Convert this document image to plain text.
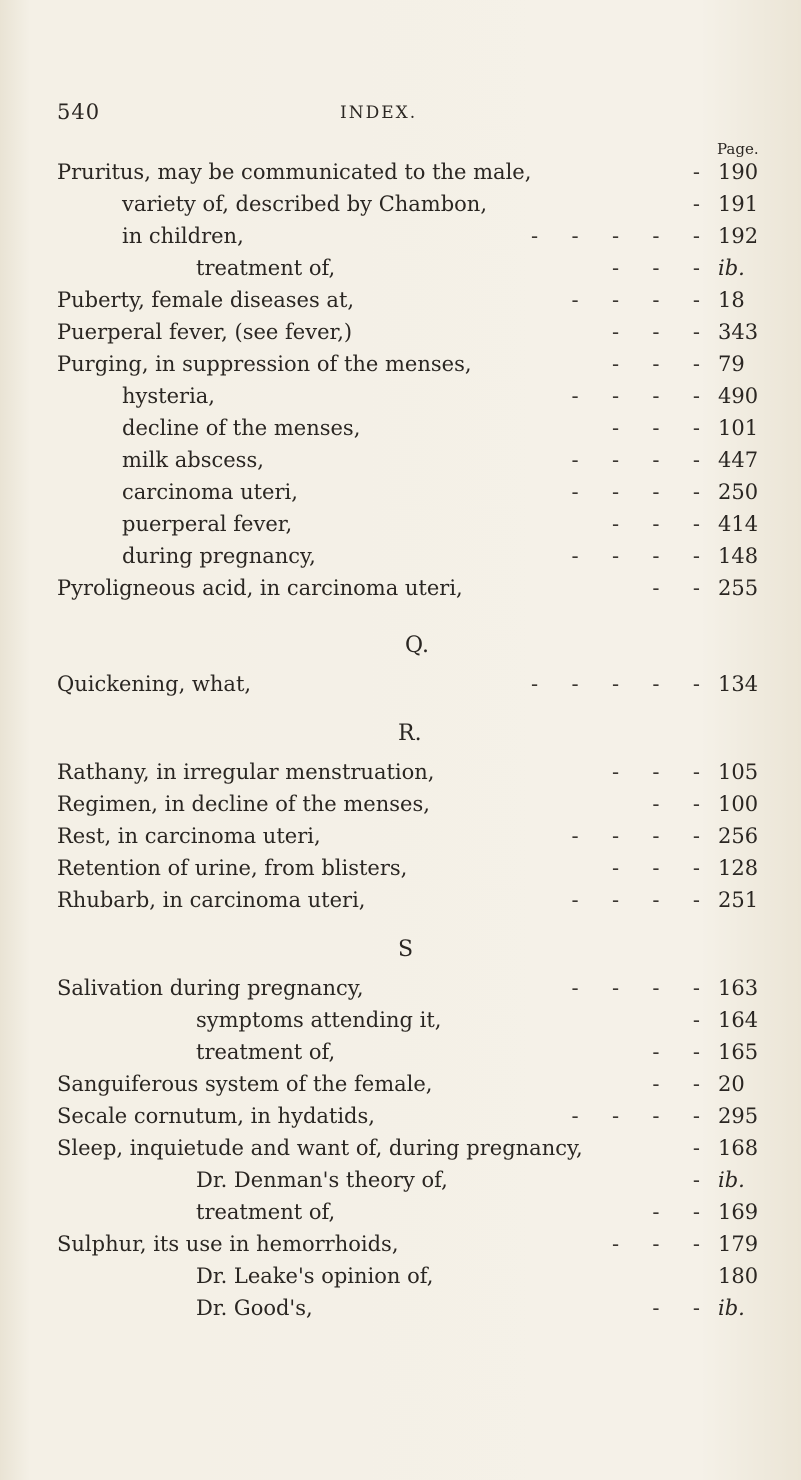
540	INDEX.
Page.
Pruritus, may be communicated to the male,	- 190
variety of, described by Chambon,	- 191
in children,	-     -     -     -     - 192
treatment of,	-     -     - ib.
Puberty, female diseases at,	-     -     -     - 18
Puerperal fever, (see fever,)	-     -     - 343
Purging, in suppression of the menses,	-     -     - 79
hysteria,	-     -     -     - 490
decline of the menses,	-     -     - 101
milk abscess,	-     -     -     - 447
carcinoma uteri,	-     -     -     - 250
puerperal fever,	-     -     - 414
during pregnancy,	-     -     -     - 148
Pyroligneous acid, in carcinoma uteri,	-     - 255
Q.
Quickening, what,	-     -     -     -     - 134
R.
Rathany, in irregular menstruation,	-     -     - 105
Regimen, in decline of the menses,	-     - 100
Rest, in carcinoma uteri,	-     -     -     - 256
Retention of urine, from blisters,	-     -     - 128
Rhubarb, in carcinoma uteri,	-     -     -     - 251
S
Salivation during pregnancy,	-     -     -     - 163
symptoms attending it,	- 164
treatment of,	-     - 165
Sanguiferous system of the female,	-     - 20
Secale cornutum, in hydatids,	-     -     -     - 295
Sleep, inquietude and want of, during pregnancy,	- 168
Dr. Denman's theory of,	- ib.
treatment of,	-     - 169
Sulphur, its use in hemorrhoids,	-     -     - 179
Dr. Leake's opinion of,	180
Dr. Good's,	-     - ib.
